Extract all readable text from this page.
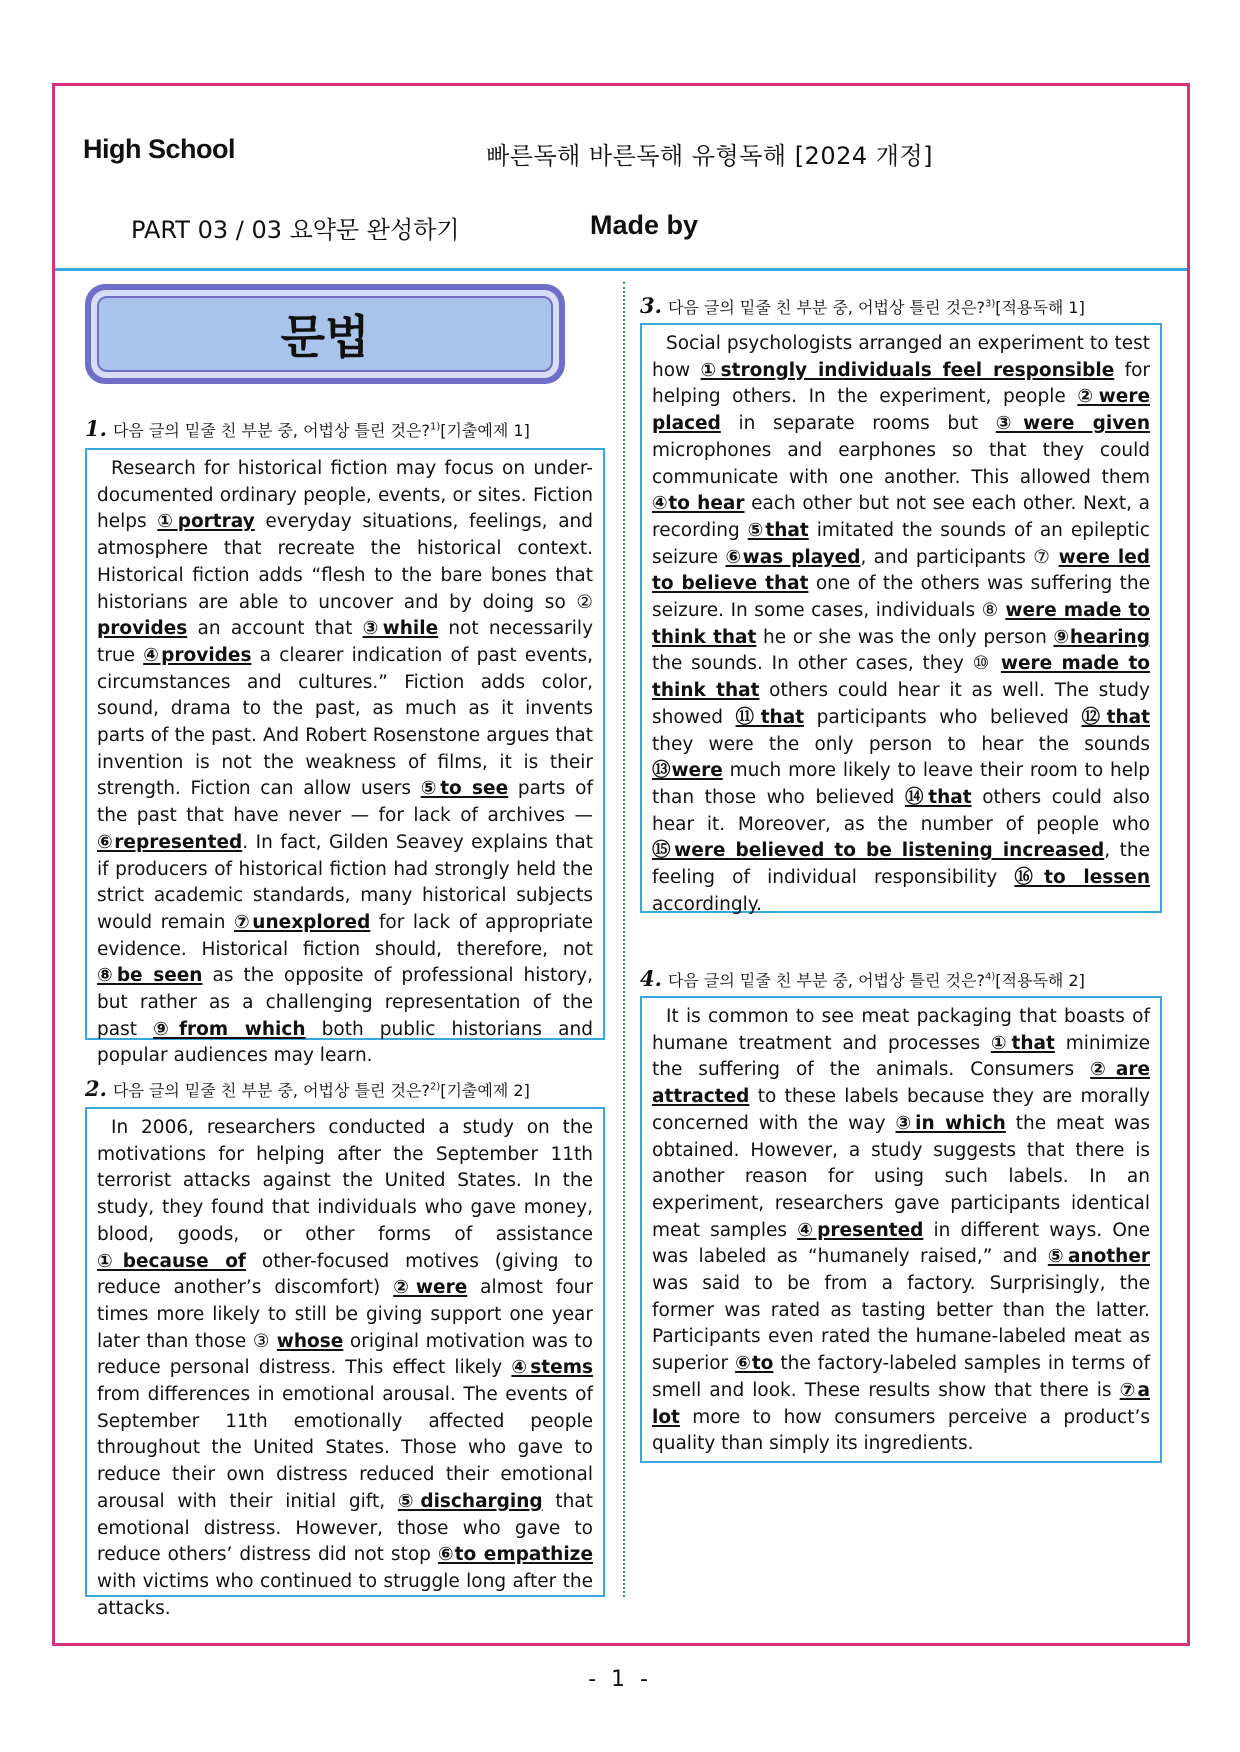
High School	빠른독해 바른독해 유형독해 [2024 개정]
PART 03 / 03 요약문 완성하기	Made by
문법
1. 다음 글의 밑줄 친 부분 중, 어법상 틀린 것은?$^{1)}$[기출예제 1]
Research for historical fiction may focus on under-documented ordinary people, events, or sites. Fiction helps ①portray everyday situations, feelings, and atmosphere that recreate the historical context. Historical fiction adds “flesh to the bare bones that historians are able to uncover and by doing so ② provides an account that ③while not necessarily true ④provides a clearer indication of past events, circumstances and cultures.” Fiction adds color, sound, drama to the past, as much as it invents parts of the past. And Robert Rosenstone argues that invention is not the weakness of films, it is their strength. Fiction can allow users ⑤to see parts of the past that have never — for lack of archives — ⑥represented. In fact, Gilden Seavey explains that if producers of historical fiction had strongly held the strict academic standards, many historical subjects would remain ⑦unexplored for lack of appropriate evidence. Historical fiction should, therefore, not ⑧be seen as the opposite of professional history, but rather as a challenging representation of the past ⑨from which both public historians and popular audiences may learn.
2. 다음 글의 밑줄 친 부분 중, 어법상 틀린 것은?$^{2)}$[기출예제 2]
In 2006, researchers conducted a study on the motivations for helping after the September 11th terrorist attacks against the United States. In the study, they found that individuals who gave money, blood, goods, or other forms of assistance ①because of other-focused motives (giving to reduce another’s discomfort) ②were almost four times more likely to still be giving support one year later than those ③ whose original motivation was to reduce personal distress. This effect likely ④stems from differences in emotional arousal. The events of September 11th emotionally affected people throughout the United States. Those who gave to reduce their own distress reduced their emotional arousal with their initial gift, ⑤discharging that emotional distress. However, those who gave to reduce others’ distress did not stop ⑥to empathize with victims who continued to struggle long after the attacks.
3. 다음 글의 밑줄 친 부분 중, 어법상 틀린 것은?$^{3)}$[적용독해 1]
Social psychologists arranged an experiment to test how ①strongly individuals feel responsible for helping others. In the experiment, people ②were placed in separate rooms but ③were given microphones and earphones so that they could communicate with one another. This allowed them ④to hear each other but not see each other. Next, a recording ⑤that imitated the sounds of an epileptic seizure ⑥was played, and participants ⑦ were led to believe that one of the others was suffering the seizure. In some cases, individuals ⑧ were made to think that he or she was the only person ⑨hearing the sounds. In other cases, they ⑩ were made to think that others could hear it as well. The study showed ⑪that participants who believed ⑫that they were the only person to hear the sounds ⑬were much more likely to leave their room to help than those who believed ⑭that others could also hear it. Moreover, as the number of people who ⑮were believed to be listening increased, the feeling of individual responsibility ⑯to lessen accordingly.
4. 다음 글의 밑줄 친 부분 중, 어법상 틀린 것은?$^{4)}$[적용독해 2]
It is common to see meat packaging that boasts of humane treatment and processes ①that minimize the suffering of the animals. Consumers ②are attracted to these labels because they are morally concerned with the way ③in which the meat was obtained. However, a study suggests that there is another reason for using such labels. In an experiment, researchers gave participants identical meat samples ④presented in different ways. One was labeled as “humanely raised,” and ⑤another was said to be from a factory. Surprisingly, the former was rated as tasting better than the latter. Participants even rated the humane-labeled meat as superior ⑥to the factory-labeled samples in terms of smell and look. These results show that there is ⑦a lot more to how consumers perceive a product’s quality than simply its ingredients.
- 1 -
